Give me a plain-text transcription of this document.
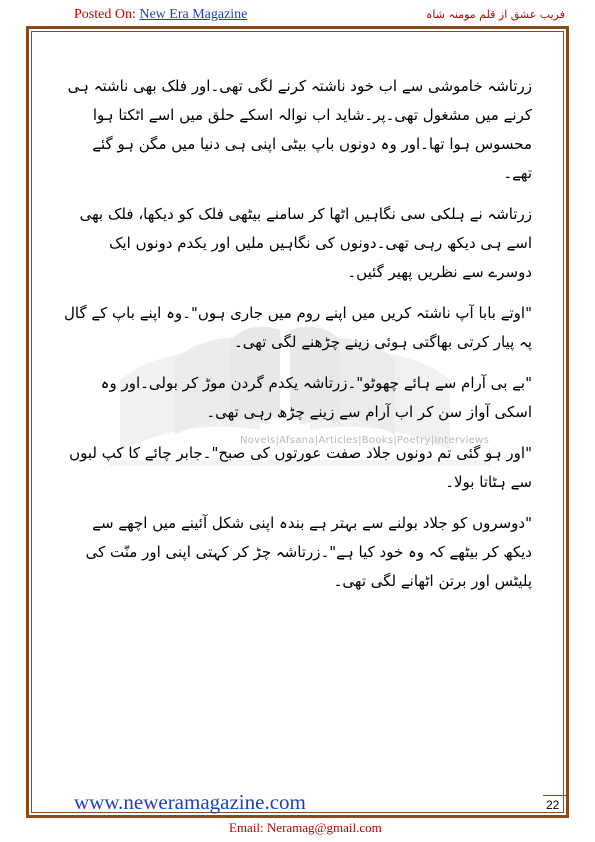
Posted On: New Era Magazine	فریب عشق از قلم مومنہ شاہ
Novels|Afsana|Articles|Books|Poetry|Interviews

زرتاشہ خاموشی سے اب خود ناشتہ کرنے لگی تھی۔اور فلک بھی ناشتہ ہی کرنے میں مشغول تھی۔پر۔شاید اب نوالہ اسکے حلق میں اسے اٹکتا ہوا محسوس ہوا تھا۔اور وہ دونوں باپ بیٹی اپنی ہی دنیا میں مگن ہو گئے تھے۔

زرتاشہ نے ہلکی سی نگاہیں اٹھا کر سامنے بیٹھی فلک کو دیکھا، فلک بھی اسے ہی دیکھ رہی تھی۔دونوں کی نگاہیں ملیں اور یکدم دونوں ایک دوسرے سے نظریں پھیر گئیں۔

"اوتے بابا آپ ناشتہ کریں میں اپنے روم میں جاری ہوں"۔وہ اپنے باپ کے گال پہ پیار کرتی بھاگتی ہوئی زینے چڑھنے لگی تھی۔

"بے بی آرام سے ہائے چھوٹو"۔زرتاشہ یکدم گردن موڑ کر بولی۔اور وہ اسکی آواز سن کر اب آرام سے زینے چڑھ رہی تھی۔

"اور ہو گئی تم دونوں جلاد صفت عورتوں کی صبح"۔جابر چائے کا کپ لبوں سے ہٹاتا بولا۔

"دوسروں کو جلاد بولنے سے بہتر ہے بندہ اپنی شکل آئینے میں اچھے سے دیکھ کر بیٹھے کہ وہ خود کیا ہے"۔زرتاشہ چڑ کر کہتی اپنی اور منّت کی پلیٹس اور برتن اٹھانے لگی تھی۔

www.neweramagazine.com	22
Email: Neramag@gmail.com
